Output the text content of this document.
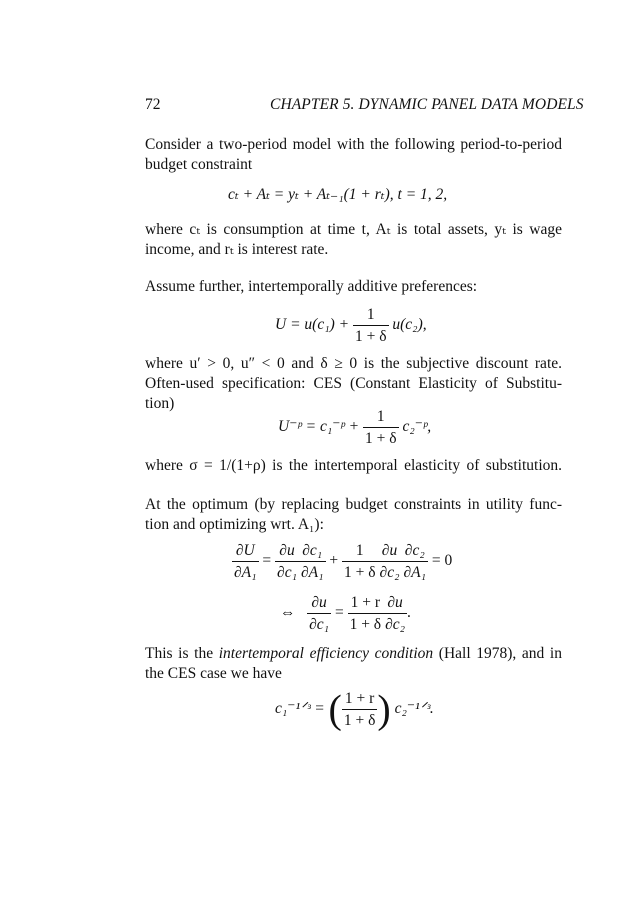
72	CHAPTER 5. DYNAMIC PANEL DATA MODELS
Consider a two-period model with the following period-to-period
budget constraint
cₜ + Aₜ = yₜ + Aₜ₋₁(1 + rₜ), t = 1, 2,
where cₜ is consumption at time t, Aₜ is total assets, yₜ is wage
income, and rₜ is interest rate.
Assume further, intertemporally additive preferences:
$U = u(c_1) + \frac{1}{1 + \delta} u(c_2)$,
where u′ > 0, u″ < 0 and δ ≥ 0 is the subjective discount rate.
Often-used specification: CES (Constant Elasticity of Substitu-
tion)
U⁻ᵖ = c₁⁻ᵖ + $\frac{1}{1 + \delta}$ c₂⁻ᵖ,
where σ = 1/(1+ρ) is the intertemporal elasticity of substitution.
At the optimum (by replacing budget constraints in utility func-
tion and optimizing wrt. A₁):
$\frac{\partial U}{\text{∂A₁}} = \frac{\partial u}{\text{∂c₁}} \frac{\text{∂c₁}}{\text{∂A₁}} + \frac{1}{1 + \delta} \frac{\partial u}{\text{∂c₂}} \frac{\text{∂c₂}}{\text{∂A₁}} = 0$
⇔ $\frac{\partial u}{\text{∂c₁}} = \frac{1 + r}{1 + \delta} \frac{\partial u}{\text{∂c₂}}$ .
This is the intertemporal efficiency condition (Hall 1978), and in
the CES case we have
c₁⁻¹ᐟᶟ = ( $\frac{1 + r}{1 + \delta}$ ) c₂⁻¹ᐟᶟ.
